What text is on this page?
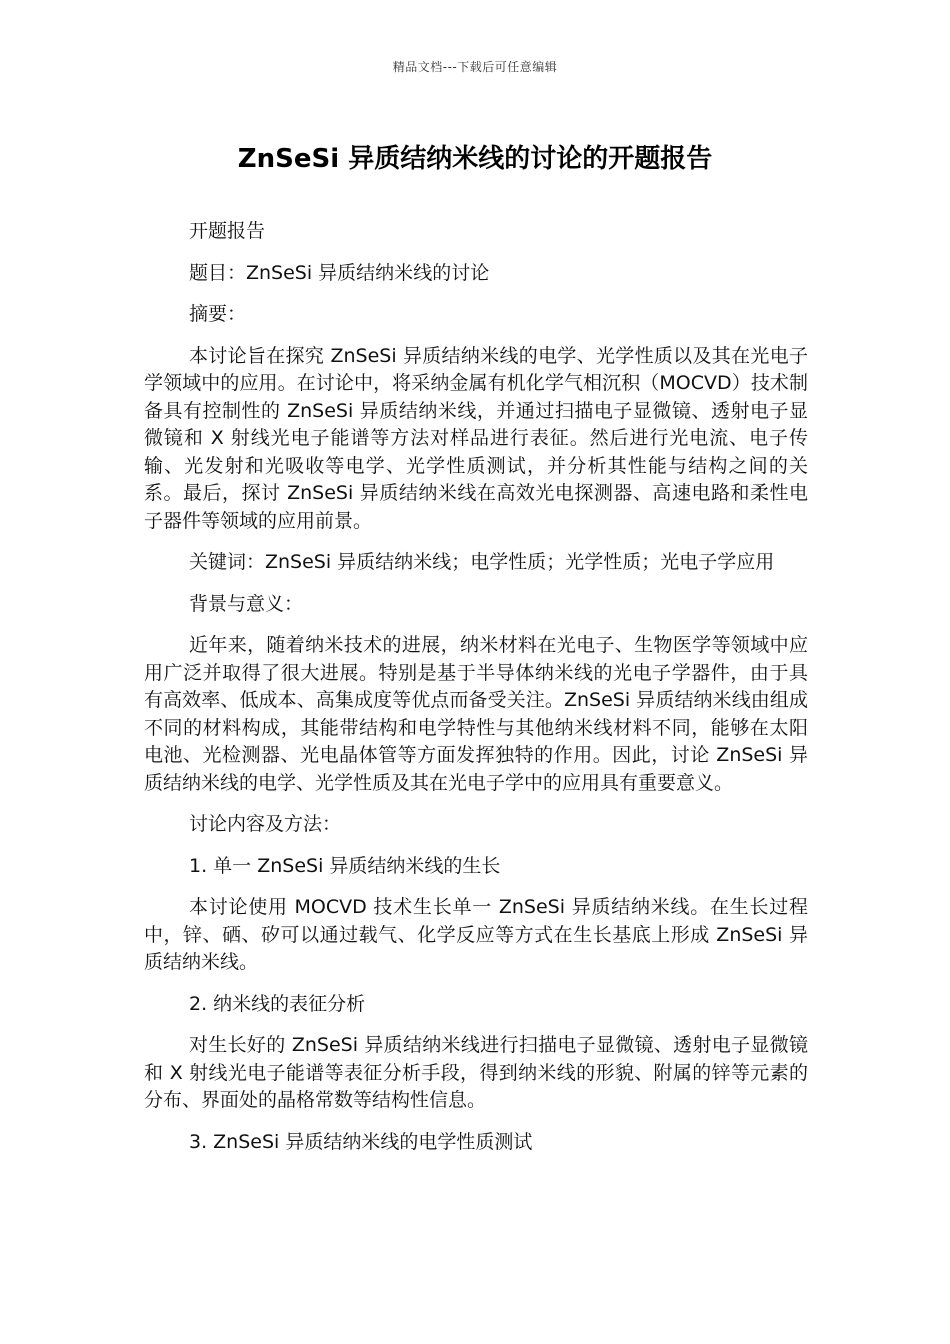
精品文档---下载后可任意编辑
ZnSeSi 异质结纳米线的讨论的开题报告

开题报告

题目：ZnSeSi 异质结纳米线的讨论

摘要：

本讨论旨在探究 ZnSeSi 异质结纳米线的电学、光学性质以及其在光电子学领域中的应用。在讨论中，将采纳金属有机化学气相沉积（MOCVD）技术制备具有控制性的 ZnSeSi 异质结纳米线，并通过扫描电子显微镜、透射电子显微镜和 X 射线光电子能谱等方法对样品进行表征。然后进行光电流、电子传输、光发射和光吸收等电学、光学性质测试，并分析其性能与结构之间的关系。最后，探讨 ZnSeSi 异质结纳米线在高效光电探测器、高速电路和柔性电子器件等领域的应用前景。

关键词：ZnSeSi 异质结纳米线；电学性质；光学性质；光电子学应用

背景与意义：

近年来，随着纳米技术的进展，纳米材料在光电子、生物医学等领域中应用广泛并取得了很大进展。特别是基于半导体纳米线的光电子学器件，由于具有高效率、低成本、高集成度等优点而备受关注。ZnSeSi 异质结纳米线由组成不同的材料构成，其能带结构和电学特性与其他纳米线材料不同，能够在太阳电池、光检测器、光电晶体管等方面发挥独特的作用。因此，讨论 ZnSeSi 异质结纳米线的电学、光学性质及其在光电子学中的应用具有重要意义。

讨论内容及方法：

1. 单一 ZnSeSi 异质结纳米线的生长

本讨论使用 MOCVD 技术生长单一 ZnSeSi 异质结纳米线。在生长过程中，锌、硒、矽可以通过载气、化学反应等方式在生长基底上形成 ZnSeSi 异质结纳米线。

2. 纳米线的表征分析

对生长好的 ZnSeSi 异质结纳米线进行扫描电子显微镜、透射电子显微镜和 X 射线光电子能谱等表征分析手段，得到纳米线的形貌、附属的锌等元素的分布、界面处的晶格常数等结构性信息。

3. ZnSeSi 异质结纳米线的电学性质测试
